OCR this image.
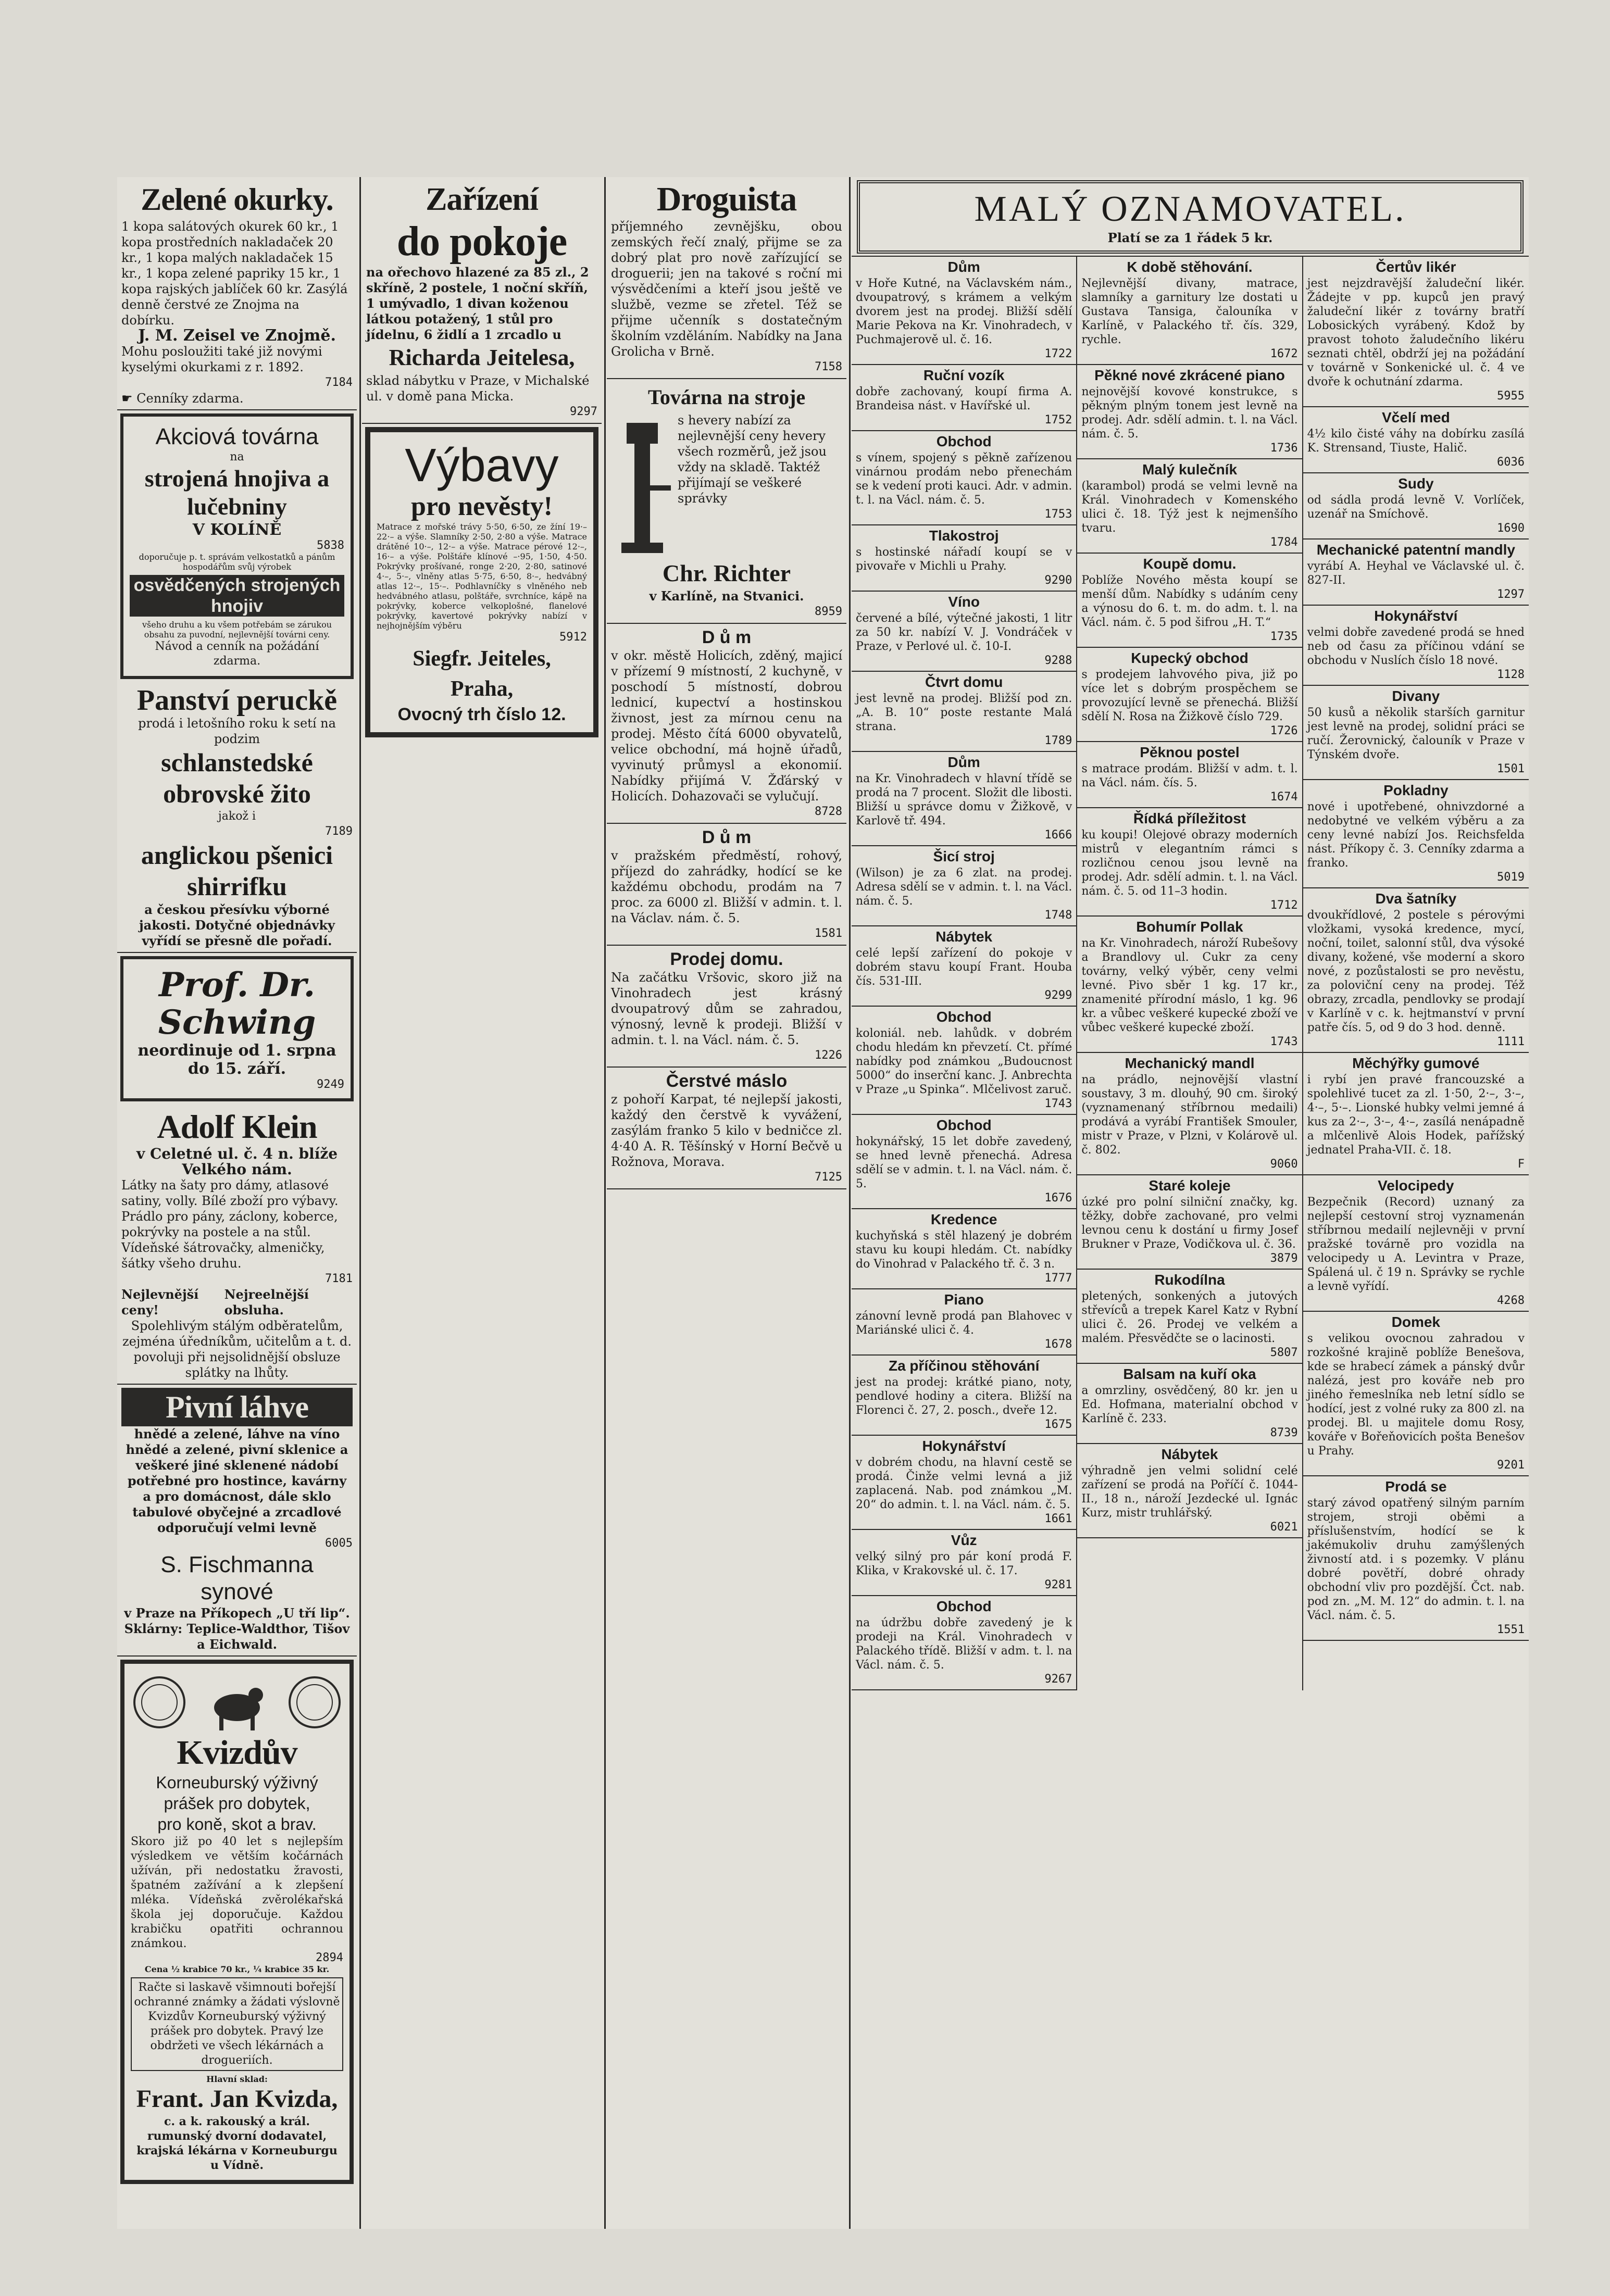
Zelené okurky.
1 kopa salátových okurek 60 kr., 1 kopa prostředních nakladaček 20 kr., 1 kopa malých nakladaček 15 kr., 1 kopa zelené papriky 15 kr., 1 kopa rajských jablíček 60 kr. Zasýlá denně čerstvé ze Znojma na dobírku.
J. M. Zeisel ve Znojmě.
Mohu posloužiti také již novými kyselými okurkami z r. 1892.
7184
☛ Cenníky zdarma.
Akciová továrna
na
strojená hnojiva a lučebniny
V KOLÍNĚ
5838
doporučuje p. t. správám velkostatků a pánům hospodářům svůj výrobek
osvědčených strojených hnojiv
všeho druhu a ku všem potřebám se zárukou obsahu za puvodní, nejlevnější továrni ceny.
Návod a cenník na požádání zdarma.
Panství peruckě
prodá i letošního roku k setí na podzim
schlanstedské obrovské žito
jakož i
7189
anglickou pšenici shirrifku
a českou přesívku výborné jakosti. Dotyčné objednávky vyřídí se přesně dle pořadí.
Prof. Dr. Schwing
neordinuje od 1. srpna do 15. září.
9249
Adolf Klein
v Celetné ul. č. 4 n. blíže Velkého nám.
Látky na šaty pro dámy, atlasové satiny, volly. Bílé zboží pro výbavy. Prádlo pro pány, záclony, koberce, pokrývky na postele a na stůl. Vídeňské šátrovačky, almeničky, šátky všeho druhu.
7181
Nejlevnější ceny!
Nejreelnější obsluha.
Spolehlivým stálým odběratelům, zejména úředníkům, učitelům a t. d. povoluji při nejsolidnější obsluze splátky na lhůty.
Pivní láhve
hnědé a zelené, láhve na víno hnědé a zelené, pivní sklenice a veškeré jiné sklenené nádobí potřebné pro hostince, kavárny a pro domácnost, dále sklo tabulové obyčejné a zrcadlové odporučují velmi levně
6005
S. Fischmanna synové
v Praze na Příkopech „U tří lip“.
Sklárny: Teplice-Waldthor, Tišov a Eichwald.
Kvizdův
Korneuburský výživný prášek pro dobytek,
pro koně, skot a brav.
Skoro již po 40 let s nejlepším výsledkem ve větším kočárnách užíván, při nedostatku žravosti, špatném zažívání a k zlepšení mléka. Vídeňská zvěrolékařská škola jej doporučuje. Každou krabičku opatřiti ochrannou známkou.
2894
Cena ½ krabice 70 kr., ¼ krabice 35 kr.
Račte si laskavě všimnouti bořejší ochranné známky a žádati výslovně Kvizdův Korneuburský výživný prášek pro dobytek. Pravý lze obdržeti ve všech lékárnách a drogueriích.
Hlavní sklad:
Frant. Jan Kvizda,
c. a k. rakouský a král. rumunský dvorní dodavatel, krajská lékárna v Korneuburgu u Vídně.
Zařízení
do pokoje
na ořechovo hlazené za 85 zl., 2 skříně, 2 postele, 1 noční skříň, 1 umývadlo, 1 divan koženou látkou potažený, 1 stůl pro jídelnu, 6 židlí a 1 zrcadlo u
Richarda Jeitelesa,
sklad nábytku v Praze, v Michalské ul. v domě pana Micka.
9297
Výbavy
pro nevěsty!
Matrace z mořské trávy 5·50, 6·50, ze žíní 19·–22·– a výše. Slamníky 2·50, 2·80 a výše. Matrace drátěné 10·–, 12·– a výše. Matrace pérové 12·–, 16·– a výše. Polštáře klínové –·95, 1·50, 4·50. Pokrývky prošívané, ronge 2·20, 2·80, satinové 4·–, 5·–, vlněny atlas 5·75, 6·50, 8·–, hedvábný atlas 12·–, 15·–. Podhlavníčky s vlněného neb hedvábného atlasu, polštáře, svrchníce, kápě na pokrývky, koberce velkoplošné, flanelové pokrývky, kavertové pokrývky nabízí v nejhojnějším výběru
5912
Siegfr. Jeiteles,
Praha,
Ovocný trh číslo 12.
Droguista
příjemného zevnějšku, obou zemských řečí znalý, přijme se za dobrý plat pro nově zařízující se droguerii; jen na takové s roční mi výsvědčeními a kteří jsou ještě ve službě, vezme se zřetel. Též se přijme učenník s dostatečným školním vzděláním. Nabídky na Jana Grolicha v Brně.
7158
Továrna na stroje
s hevery nabízí za nejlevnější ceny hevery všech rozměrů, jež jsou vždy na skladě. Taktéž přijímají se veškeré správky
Chr. Richter
v Karlíně, na Stvanici.
8959
D ů m
v okr. městě Holicích, zděný, majicí v přízemí 9 místností, 2 kuchyně, v poschodí 5 místností, dobrou lednicí, kupectví a hostinskou živnost, jest za mírnou cenu na prodej. Město čítá 6000 obyvatelů, velice obchodní, má hojně úřadů, vyvinutý průmysl a ekonomií. Nabídky přijímá V. Žďárský v Holicích. Dohazovači se vylučují.
8728
D ů m
v pražském předměstí, rohový, příjezd do zahrádky, hodící se ke každému obchodu, prodám na 7 proc. za 6000 zl. Bližší v admin. t. l. na Václav. nám. č. 5.
1581
Prodej domu.
Na začátku Vršovic, skoro již na Vinohradech jest krásný dvoupatrový dům se zahradou, výnosný, levně k prodeji. Bližší v admin. t. l. na Václ. nám. č. 5.
1226
Čerstvé máslo
z pohoří Karpat, té nejlepší jakosti, každý den čerstvě k vyvážení, zasýlám franko 5 kilo v bedničce zl. 4·40 A. R. Těšínský v Horní Bečvě u Rožnova, Morava.
7125
MALÝ OZNAMOVATEL.
Platí se za 1 řádek 5 kr.
Dům

v Hoře Kutné, na Václavském nám., dvoupatrový, s krámem a velkým dvorem jest na prodej. Bližší sdělí Marie Pekova na Kr. Vinohradech, v Puchmajerově ul. č. 16.

1722
Ruční vozík

dobře zachovaný, koupí firma A. Brandeisa nást. v Havířské ul.

1752
Obchod

s vínem, spojený s pěkně zařízenou vinárnou prodám nebo přenechám se k vedení proti kauci. Adr. v admin. t. l. na Václ. nám. č. 5.

1753
Tlakostroj

s hostinské nářadí koupí se v pivovaře v Michli u Prahy.

9290
Víno

červené a bílé, výtečné jakosti, 1 litr za 50 kr. nabízí V. J. Vondráček v Praze, v Perlové ul. č. 10-I.

9288
Čtvrt domu

jest levně na prodej. Bližší pod zn. „A. B. 10“ poste restante Malá strana.

1789
Dům

na Kr. Vinohradech v hlavní třídě se prodá na 7 procent. Složit dle libosti. Bližší u správce domu v Žižkově, v Karlově tř. 494.

1666
Šicí stroj

(Wilson) je za 6 zlat. na prodej. Adresa sdělí se v admin. t. l. na Václ. nám. č. 5.

1748
Nábytek

celé lepší zařízení do pokoje v dobrém stavu koupí Frant. Houba čís. 531-III.

9299
Obchod

koloniál. neb. lahůdk. v dobrém chodu hledám kn převzetí. Ct. přímé nabídky pod známkou „Budoucnost 5000“ do inserční kanc. J. Anbrechta v Praze „u Spinka“. Mlčelivost zaruč.

1743
Obchod

hokynářský, 15 let dobře zavedený, se hned levně přenechá. Adresa sdělí se v admin. t. l. na Václ. nám. č. 5.

1676
Kredence

kuchyňská s stěl hlazený je dobrém stavu ku koupi hledám. Ct. nabídky do Vinohrad v Palackého tř. č. 3 n.

1777
Piano

zánovní levně prodá pan Blahovec v Mariánské ulici č. 4.

1678
Za příčinou stěhování

jest na prodej: krátké piano, noty, pendlové hodiny a citera. Bližší na Florenci č. 27, 2. posch., dveře 12.

1675
Hokynářství

v dobrém chodu, na hlavní cestě se prodá. Činže velmi levná a již zaplacená. Nab. pod známkou „M. 20“ do admin. t. l. na Václ. nám. č. 5.

1661
Vůz

velký silný pro pár koní prodá F. Klika, v Krakovské ul. č. 17.

9281
Obchod

na údržbu dobře zavedený je k prodeji na Král. Vinohradech v Palackého třídě. Bližší v adm. t. l. na Václ. nám. č. 5.

9267
K době stěhování.

Nejlevnější divany, matrace, slamníky a garnitury lze dostati u Gustava Tansiga, čalouníka v Karlíně, v Palackého tř. čís. 329, rychle.

1672
Pěkné nové zkrácené piano

nejnovější kovové konstrukce, s pěkným plným tonem jest levně na prodej. Adr. sdělí admin. t. l. na Václ. nám. č. 5.

1736
Malý kulečník

(karambol) prodá se velmi levně na Král. Vinohradech v Komenského ulici č. 18. Týž jest k nejmenšího tvaru.

1784
Koupě domu.

Poblíže Nového města koupí se menší dům. Nabídky s udáním ceny a výnosu do 6. t. m. do adm. t. l. na Václ. nám. č. 5 pod šifrou „H. T.“

1735
Kupecký obchod

s prodejem lahvového piva, již po více let s dobrým prospěchem se provozující levně se přenechá. Bližší sdělí N. Rosa na Žižkově číslo 729.

1726
Pěknou postel

s matrace prodám. Bližší v adm. t. l. na Václ. nám. čís. 5.

1674
Řídká příležitost

ku koupi! Olejové obrazy moderních mistrů v elegantním rámci s rozličnou cenou jsou levně na prodej. Adr. sdělí admin. t. l. na Václ. nám. č. 5. od 11–3 hodin.

1712
Bohumír Pollak

na Kr. Vinohradech, nároží Rubešovy a Brandlovy ul. Cukr za ceny továrny, velký výběr, ceny velmi levné. Pivo sběr 1 kg. 17 kr., znamenité přírodní máslo, 1 kg. 96 kr. a vůbec veškeré kupecké zboží ve vůbec veškeré kupecké zboží.

1743
Mechanický mandl

na prádlo, nejnovější vlastní soustavy, 3 m. dlouhý, 90 cm. široký (vyznamenaný stříbrnou medaili) prodává a vyrábí František Smouler, mistr v Praze, v Plzni, v Kolárově ul. č. 802.

9060
Staré koleje

úzké pro polní silniční značky, kg. těžky, dobře zachované, pro velmi levnou cenu k dostání u firmy Josef Brukner v Praze, Vodičkova ul. č. 36.

3879
Rukodílna

pletených, sonkených a jutových střevíců a trepek Karel Katz v Rybní ulici č. 26. Prodej ve velkém a malém. Přesvědčte se o lacinosti.

5807
Balsam na kuří oka

a omrzliny, osvědčený, 80 kr. jen u Ed. Hofmana, materialní obchod v Karlíně č. 233.

8739
Nábytek

výhradně jen velmi solidní celé zařízení se prodá na Poříčí č. 1044-II., 18 n., nároží Jezdecké ul. Ignác Kurz, mistr truhlářský.

6021
Čertův likér

jest nejzdravější žaludeční likér. Žádejte v pp. kupců jen pravý žaludeční likér z továrny bratří Lobosických vyrábený. Kdož by pravost tohoto žaludečního likéru seznati chtěl, obdrží jej na požádání v továrně v Sonkenické ul. č. 4 ve dvoře k ochutnání zdarma.

5955
Včelí med

4½ kilo čisté váhy na dobírku zasílá K. Strensand, Tiuste, Halič.

6036
Sudy

od sádla prodá levně V. Vorlíček, uzenář na Smíchově.

1690
Mechanické patentní mandly

vyrábí A. Heyhal ve Václavské ul. č. 827-II.

1297
Hokynářství

velmi dobře zavedené prodá se hned neb od času za příčinou vdání se obchodu v Nuslích číslo 18 nové.

1128
Divany

50 kusů a několik starších garnitur jest levně na prodej, solidní práci se ručí. Žerovnický, čalouník v Praze v Týnském dvoře.

1501
Pokladny

nové i upotřebené, ohnivzdorné a nedobytné ve velkém výběru a za ceny levné nabízí Jos. Reichsfelda nást. Příkopy č. 3. Cenníky zdarma a franko.

5019
Dva šatníky

dvoukřídlové, 2 postele s pérovými vložkami, vysoká kredence, mycí, noční, toilet, salonní stůl, dva výsoké divany, kožené, vše moderní a skoro nové, z pozůstalosti se pro nevěstu, za poloviční ceny na prodej. Též obrazy, zrcadla, pendlovky se prodají v Karlíně v c. k. hejtmanství v první patře čís. 5, od 9 do 3 hod. denně.

1111
Měchýřky gumové

i rybí jen pravé francouzské a spolehlivé tucet za zl. 1·50, 2·–, 3·–, 4·–, 5·–. Lionské hubky velmi jemné á kus za 2·–, 3·–, 4·–, zasílá nenápadně a mlčenlivě Alois Hodek, pařížský jednatel Praha-VII. č. 18.

F
Velocipedy

Bezpečnik (Record) uznaný za nejlepší cestovní stroj vyznamenán stříbrnou medailí nejlevněji v první pražské továrně pro vozidla na velocipedy u A. Levintra v Praze, Spálená ul. č 19 n. Správky se rychle a levně vyřídí.

4268
Domek

s velikou ovocnou zahradou v rozkošné krajině poblíže Benešova, kde se hrabecí zámek a pánský dvůr nalézá, jest pro kováře neb pro jiného řemeslníka neb letní sídlo se hodící, jest z volné ruky za 800 zl. na prodej. Bl. u majitele domu Rosy, kováře v Bořeňovicích pošta Benešov u Prahy.

9201
Prodá se

starý závod opatřený silným parním strojem, stroji oběmi a příslušenstvím, hodící se k jakémukoliv druhu zamýšlených živností atd. i s pozemky. V plánu dobré povětří, dobré ohrady obchodní vliv pro pozdější. Čct. nab. pod zn. „M. M. 12“ do admin. t. l. na Václ. nám. č. 5.

1551
